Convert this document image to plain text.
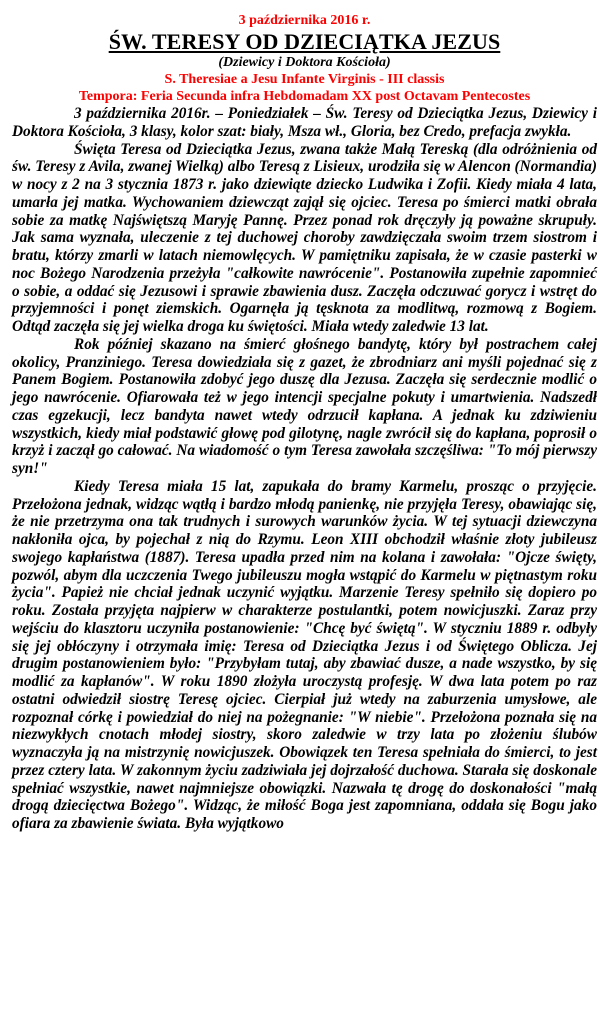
3 października 2016 r.
ŚW. TERESY OD DZIECIĄTKA JEZUS
(Dziewicy i Doktora Kościoła)
S. Theresiae a Jesu Infante Virginis - III classis
Tempora: Feria Secunda infra Hebdomadam XX post Octavam Pentecostes

3 października 2016r. – Poniedziałek – Św. Teresy od Dzieciątka Jezus, Dziewicy i Doktora Kościoła, 3 klasy, kolor szat: biały, Msza wł., Gloria, bez Credo, prefacja zwykła.

Święta Teresa od Dzieciątka Jezus, zwana także Małą Tereską (dla odróżnienia od św. Teresy z Avila, zwanej Wielką) albo Teresą z Lisieux, urodziła się w Alencon (Normandia) w nocy z 2 na 3 stycznia 1873 r. jako dziewiąte dziecko Ludwika i Zofii. Kiedy miała 4 lata, umarła jej matka. Wychowaniem dziewcząt zajął się ojciec. Teresa po śmierci matki obrała sobie za matkę Najświętszą Maryję Pannę. Przez ponad rok dręczyły ją poważne skrupuły. Jak sama wyznała, uleczenie z tej duchowej choroby zawdzięczała swoim trzem siostrom i bratu, którzy zmarli w latach niemowlęcych. W pamiętniku zapisała, że w czasie pasterki w noc Bożego Narodzenia przeżyła "całkowite nawrócenie". Postanowiła zupełnie zapomnieć o sobie, a oddać się Jezusowi i sprawie zbawienia dusz. Zaczęła odczuwać gorycz i wstręt do przyjemności i ponęt ziemskich. Ogarnęła ją tęsknota za modlitwą, rozmową z Bogiem. Odtąd zaczęła się jej wielka droga ku świętości. Miała wtedy zaledwie 13 lat.

Rok później skazano na śmierć głośnego bandytę, który był postrachem całej okolicy, Pranziniego. Teresa dowiedziała się z gazet, że zbrodniarz ani myśli pojednać się z Panem Bogiem. Postanowiła zdobyć jego duszę dla Jezusa. Zaczęła się serdecznie modlić o jego nawrócenie. Ofiarowała też w jego intencji specjalne pokuty i umartwienia. Nadszedł czas egzekucji, lecz bandyta nawet wtedy odrzucił kapłana. A jednak ku zdziwieniu wszystkich, kiedy miał podstawić głowę pod gilotynę, nagle zwrócił się do kapłana, poprosił o krzyż i zaczął go całować. Na wiadomość o tym Teresa zawołała szczęśliwa: "To mój pierwszy syn!"

Kiedy Teresa miała 15 lat, zapukała do bramy Karmelu, prosząc o przyjęcie. Przełożona jednak, widząc wątłą i bardzo młodą panienkę, nie przyjęła Teresy, obawiając się, że nie przetrzyma ona tak trudnych i surowych warunków życia. W tej sytuacji dziewczyna nakłoniła ojca, by pojechał z nią do Rzymu. Leon XIII obchodził właśnie złoty jubileusz swojego kapłaństwa (1887). Teresa upadła przed nim na kolana i zawołała: "Ojcze święty, pozwól, abym dla uczczenia Twego jubileuszu mogła wstąpić do Karmelu w piętnastym roku życia". Papież nie chciał jednak uczynić wyjątku. Marzenie Teresy spełniło się dopiero po roku. Została przyjęta najpierw w charakterze postulantki, potem nowicjuszki. Zaraz przy wejściu do klasztoru uczyniła postanowienie: "Chcę być świętą". W styczniu 1889 r. odbyły się jej obłóczyny i otrzymała imię: Teresa od Dzieciątka Jezus i od Świętego Oblicza. Jej drugim postanowieniem było: "Przybyłam tutaj, aby zbawiać dusze, a nade wszystko, by się modlić za kapłanów". W roku 1890 złożyła uroczystą profesję. W dwa lata potem po raz ostatni odwiedził siostrę Teresę ojciec. Cierpiał już wtedy na zaburzenia umysłowe, ale rozpoznał córkę i powiedział do niej na pożegnanie: "W niebie". Przełożona poznała się na niezwykłych cnotach młodej siostry, skoro zaledwie w trzy lata po złożeniu ślubów wyznaczyła ją na mistrzynię nowicjuszek. Obowiązek ten Teresa spełniała do śmierci, to jest przez cztery lata. W zakonnym życiu zadziwiała jej dojrzałość duchowa. Starała się doskonale spełniać wszystkie, nawet najmniejsze obowiązki. Nazwała tę drogę do doskonałości "małą drogą dziecięctwa Bożego". Widząc, że miłość Boga jest zapomniana, oddała się Bogu jako ofiara za zbawienie świata. Była wyjątkowo
